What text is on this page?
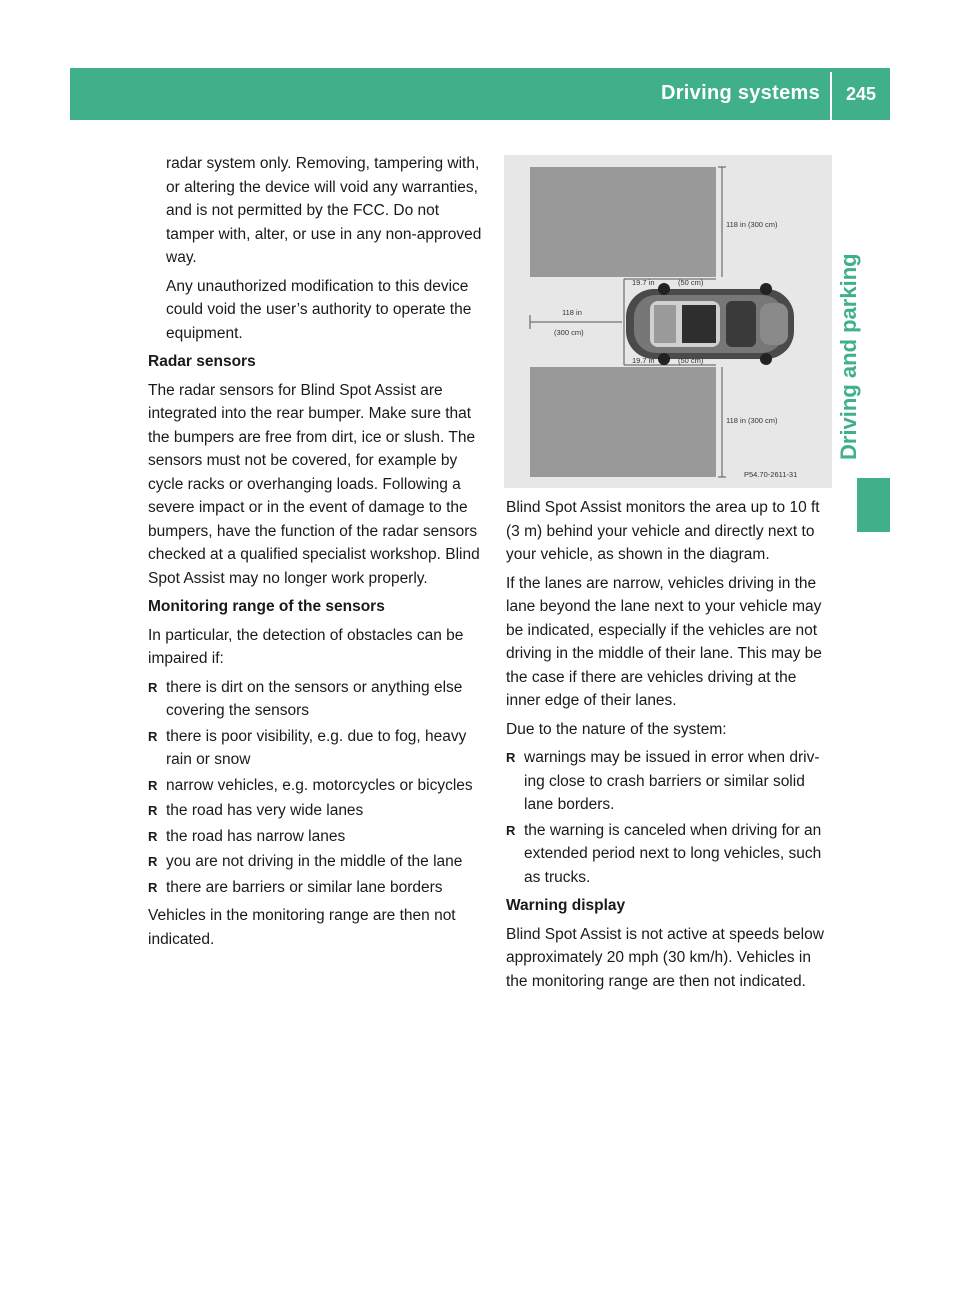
Driving systems 245
Driving and parking

radar system only. Removing, tampering with, or altering the device will void any warranties, and is not permitted by the FCC. Do not tamper with, alter, or use in any non-approved way.

Any unauthorized modification to this device could void the user’s authority to operate the equipment.

Radar sensors

The radar sensors for Blind Spot Assist are integrated into the rear bumper. Make sure that the bumpers are free from dirt, ice or slush. The sensors must not be covered, for example by cycle racks or overhanging loads. Following a severe impact or in the event of damage to the bumpers, have the function of the radar sensors checked at a qualified specialist workshop. Blind Spot Assist may no longer work properly.

Monitoring range of the sensors

In particular, the detection of obstacles can be impaired if:

R there is dirt on the sensors or anything else covering the sensors
R there is poor visibility, e.g. due to fog, heavy rain or snow
R narrow vehicles, e.g. motorcycles or bicycles
R the road has very wide lanes
R the road has narrow lanes
R you are not driving in the middle of the lane
R there are barriers or similar lane borders

Vehicles in the monitoring range are then not indicated.

118 in (300 cm)
118 in (300 cm)
19.7 in	(50 cm)
19.7 in	(50 cm)
118 in
(300 cm)
P54.70-2611-31

Blind Spot Assist monitors the area up to 10 ft (3 m) behind your vehicle and directly next to your vehicle, as shown in the diagram.

If the lanes are narrow, vehicles driving in the lane beyond the lane next to your vehicle may be indicated, especially if the vehicles are not driving in the middle of their lane. This may be the case if there are vehicles driving at the inner edge of their lanes.

Due to the nature of the system:

R warnings may be issued in error when driving close to crash barriers or similar solid lane borders.
R the warning is canceled when driving for an extended period next to long vehicles, such as trucks.

Warning display

Blind Spot Assist is not active at speeds below approximately 20 mph (30 km/h). Vehicles in the monitoring range are then not indicated.
